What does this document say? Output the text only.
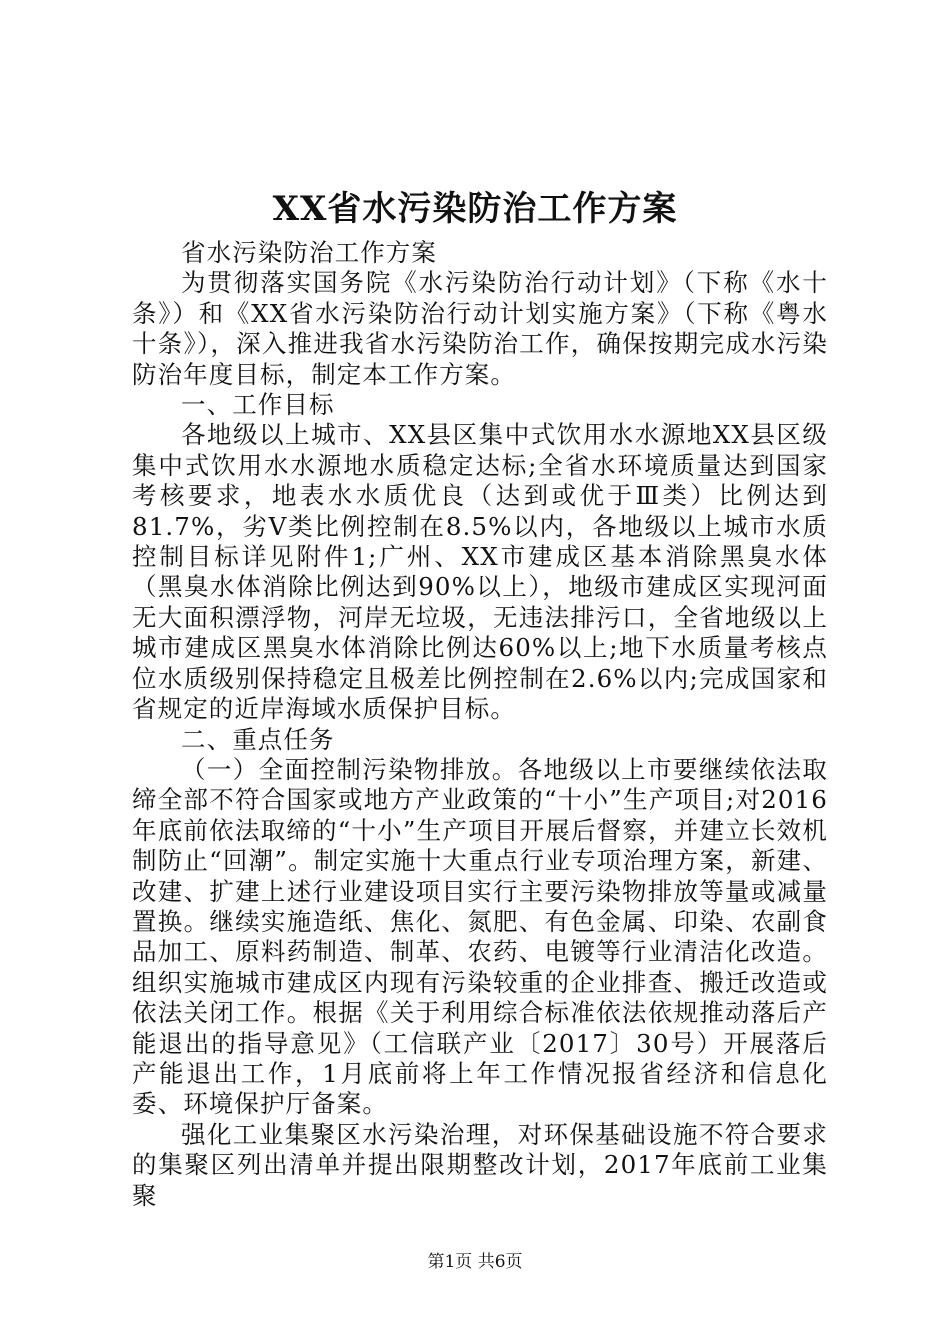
XX省水污染防治工作方案

省水污染防治工作方案

为贯彻落实国务院《水污染防治行动计划》（下称《水十条》）和《XX省水污染防治行动计划实施方案》（下称《粤水十条》），深入推进我省水污染防治工作，确保按期完成水污染防治年度目标，制定本工作方案。

一、工作目标

各地级以上城市、XX县区集中式饮用水水源地XX县区级集中式饮用水水源地水质稳定达标;全省水环境质量达到国家考核要求，地表水水质优良（达到或优于Ⅲ类）比例达到81.7%，劣Ⅴ类比例控制在8.5%以内，各地级以上城市水质控制目标详见附件1;广州、XX市建成区基本消除黑臭水体（黑臭水体消除比例达到90%以上），地级市建成区实现河面无大面积漂浮物，河岸无垃圾，无违法排污口，全省地级以上城市建成区黑臭水体消除比例达60%以上;地下水质量考核点位水质级别保持稳定且极差比例控制在2.6%以内;完成国家和省规定的近岸海域水质保护目标。

二、重点任务

（一）全面控制污染物排放。各地级以上市要继续依法取缔全部不符合国家或地方产业政策的“十小”生产项目;对2016年底前依法取缔的“十小”生产项目开展后督察，并建立长效机制防止“回潮”。制定实施十大重点行业专项治理方案，新建、改建、扩建上述行业建设项目实行主要污染物排放等量或减量置换。继续实施造纸、焦化、氮肥、有色金属、印染、农副食品加工、原料药制造、制革、农药、电镀等行业清洁化改造。组织实施城市建成区内现有污染较重的企业排查、搬迁改造或依法关闭工作。根据《关于利用综合标准依法依规推动落后产能退出的指导意见》（工信联产业〔2017〕30号）开展落后产能退出工作，1月底前将上年工作情况报省经济和信息化委、环境保护厅备案。

强化工业集聚区水污染治理，对环保基础设施不符合要求的集聚区列出清单并提出限期整改计划，2017年底前工业集聚

第1页 共6页
